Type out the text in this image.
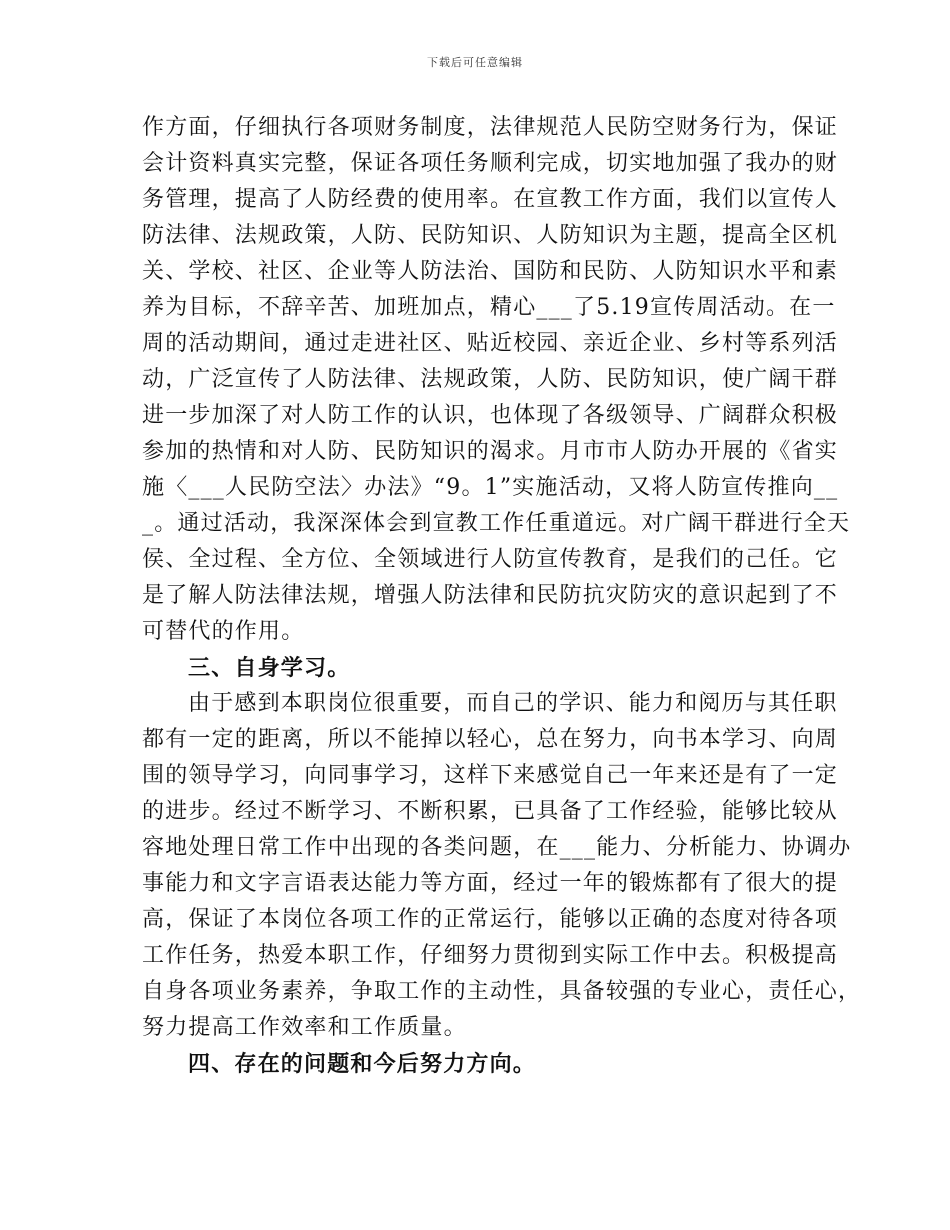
下载后可任意编辑
作方面，仔细执行各项财务制度，法律规范人民防空财务行为，保证
会计资料真实完整，保证各项任务顺利完成，切实地加强了我办的财
务管理，提高了人防经费的使用率。在宣教工作方面，我们以宣传人
防法律、法规政策，人防、民防知识、人防知识为主题，提高全区机
关、学校、社区、企业等人防法治、国防和民防、人防知识水平和素
养为目标，不辞辛苦、加班加点，精心___了5.19宣传周活动。在一
周的活动期间，通过走进社区、贴近校园、亲近企业、乡村等系列活
动，广泛宣传了人防法律、法规政策，人防、民防知识，使广阔干群
进一步加深了对人防工作的认识，也体现了各级领导、广阔群众积极
参加的热情和对人防、民防知识的渴求。月市市人防办开展的《省实
施〈___人民防空法〉办法》“9。1”实施活动，又将人防宣传推向__
_。通过活动，我深深体会到宣教工作任重道远。对广阔干群进行全天
侯、全过程、全方位、全领域进行人防宣传教育，是我们的己任。它
是了解人防法律法规，增强人防法律和民防抗灾防灾的意识起到了不
可替代的作用。
三、自身学习。
由于感到本职岗位很重要，而自己的学识、能力和阅历与其任职
都有一定的距离，所以不能掉以轻心，总在努力，向书本学习、向周
围的领导学习，向同事学习，这样下来感觉自己一年来还是有了一定
的进步。经过不断学习、不断积累，已具备了工作经验，能够比较从
容地处理日常工作中出现的各类问题，在___能力、分析能力、协调办
事能力和文字言语表达能力等方面，经过一年的锻炼都有了很大的提
高，保证了本岗位各项工作的正常运行，能够以正确的态度对待各项
工作任务，热爱本职工作，仔细努力贯彻到实际工作中去。积极提高
自身各项业务素养，争取工作的主动性，具备较强的专业心，责任心，
努力提高工作效率和工作质量。
四、存在的问题和今后努力方向。
